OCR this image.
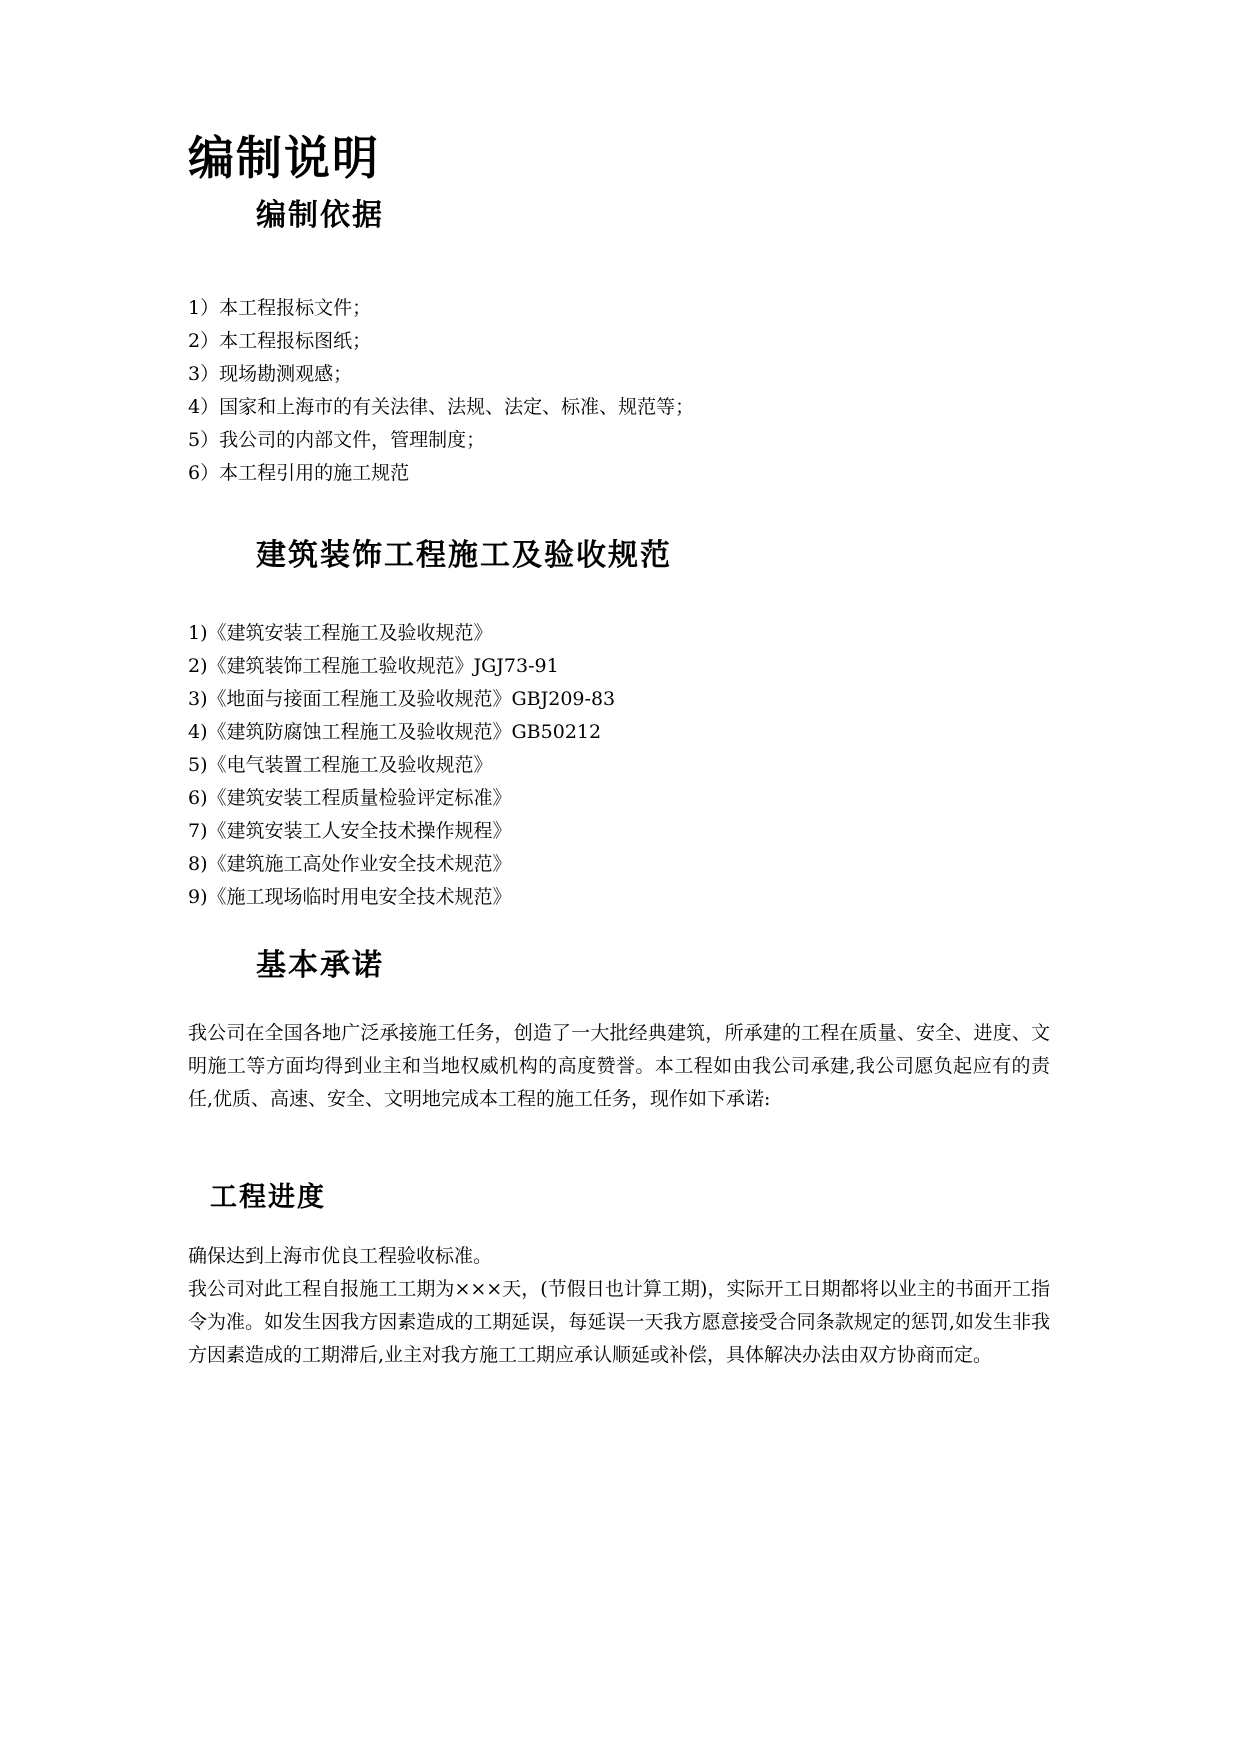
编制说明
编制依据
1）本工程报标文件；
2）本工程报标图纸；
3）现场勘测观感；
4）国家和上海市的有关法律、法规、法定、标准、规范等；
5）我公司的内部文件，管理制度；
6）本工程引用的施工规范
建筑装饰工程施工及验收规范
1)《建筑安装工程施工及验收规范》
2)《建筑装饰工程施工验收规范》JGJ73-91
3)《地面与接面工程施工及验收规范》GBJ209-83
4)《建筑防腐蚀工程施工及验收规范》GB50212
5)《电气装置工程施工及验收规范》
6)《建筑安装工程质量检验评定标准》
7)《建筑安装工人安全技术操作规程》
8)《建筑施工高处作业安全技术规范》
9)《施工现场临时用电安全技术规范》
基本承诺

我公司在全国各地广泛承接施工任务，创造了一大批经典建筑，所承建的工程在质量、安全、进度、文明施工等方面均得到业主和当地权威机构的高度赞誉。本工程如由我公司承建,我公司愿负起应有的责任,优质、高速、安全、文明地完成本工程的施工任务，现作如下承诺:

工程进度

确保达到上海市优良工程验收标准。

我公司对此工程自报施工工期为×××天，(节假日也计算工期)，实际开工日期都将以业主的书面开工指令为准。如发生因我方因素造成的工期延误，每延误一天我方愿意接受合同条款规定的惩罚,如发生非我方因素造成的工期滞后,业主对我方施工工期应承认顺延或补偿，具体解决办法由双方协商而定。
